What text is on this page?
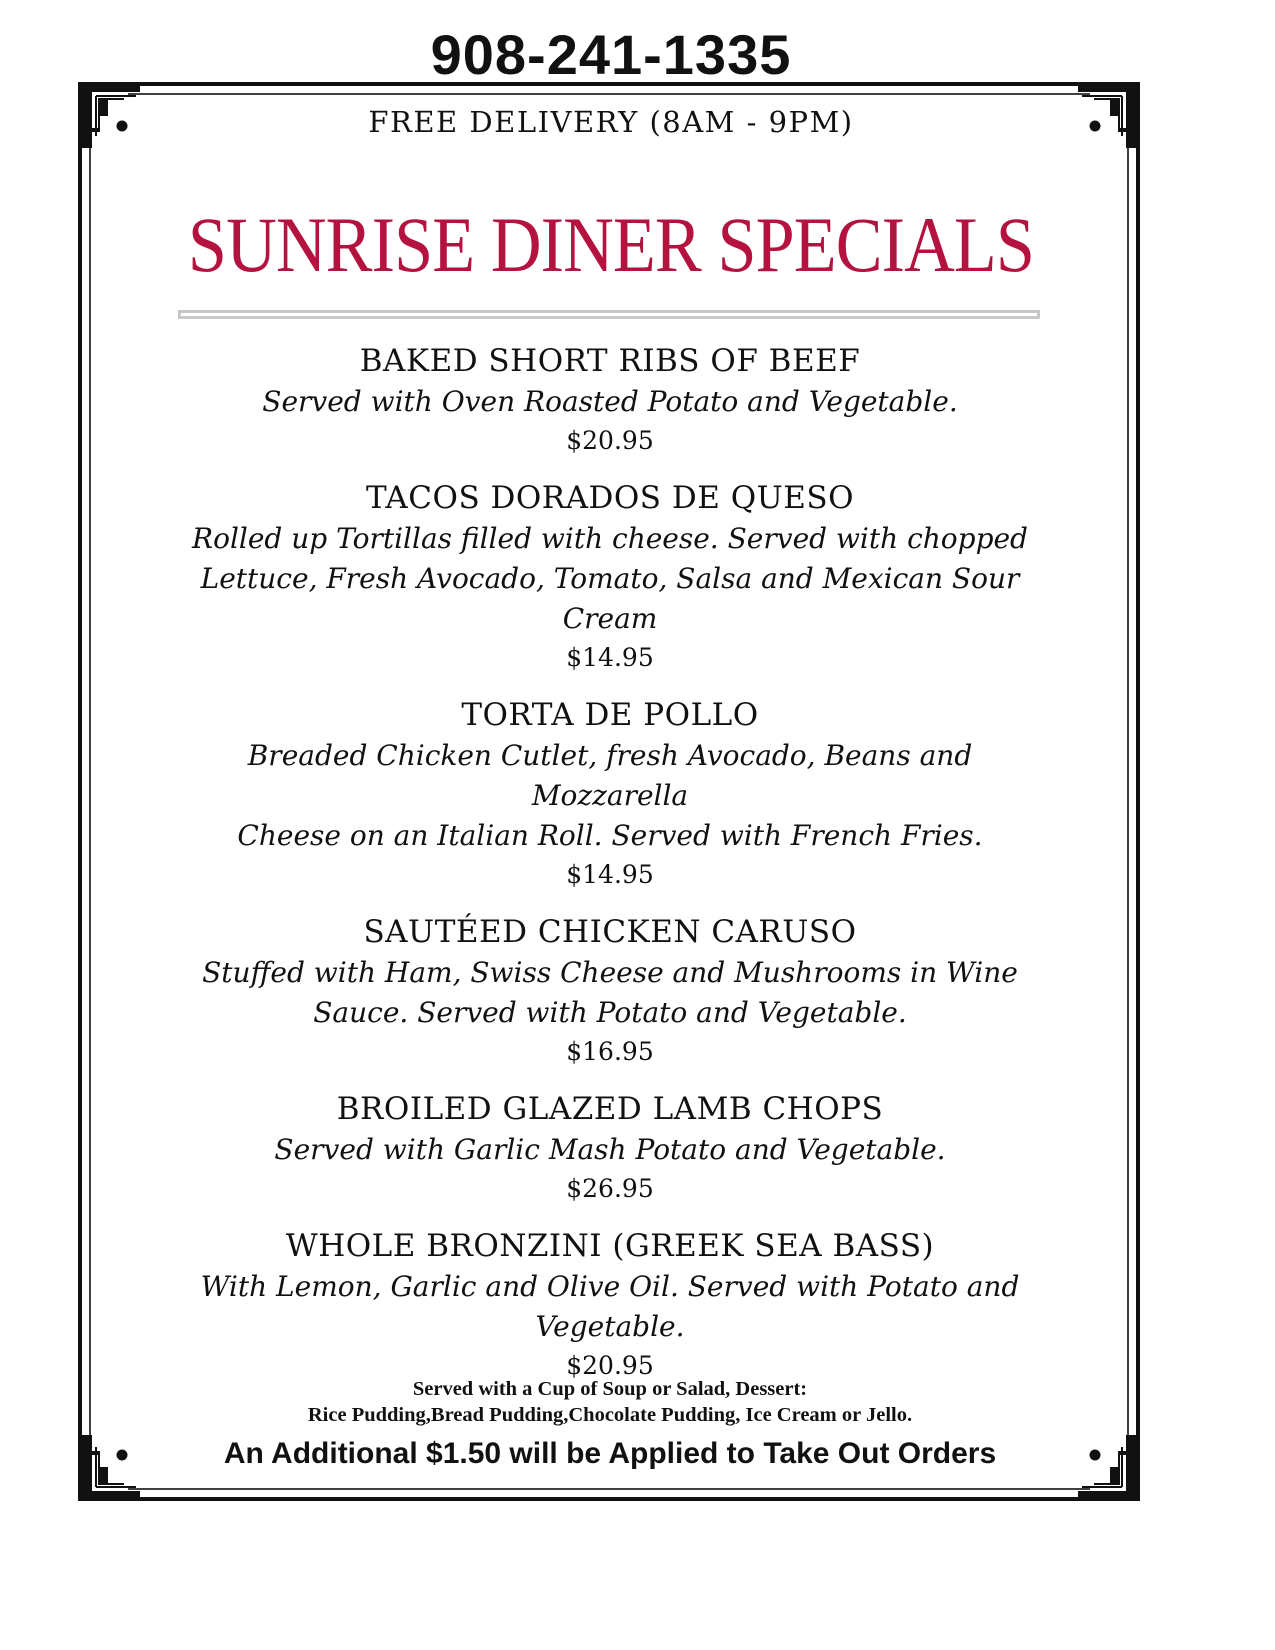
908-241-1335
FREE DELIVERY (8AM - 9PM)
SUNRISE DINER SPECIALS
BAKED SHORT RIBS OF BEEF
Served with Oven Roasted Potato and Vegetable.
$20.95
TACOS DORADOS DE QUESO
Rolled up Tortillas filled with cheese. Served with chopped
Lettuce, Fresh Avocado, Tomato, Salsa and Mexican Sour
Cream
$14.95
TORTA DE POLLO
Breaded Chicken Cutlet, fresh Avocado, Beans and Mozzarella
Cheese on an Italian Roll. Served with French Fries.
$14.95
SAUTÉED CHICKEN CARUSO
Stuffed with Ham, Swiss Cheese and Mushrooms in Wine
Sauce. Served with Potato and Vegetable.
$16.95
BROILED GLAZED LAMB CHOPS
Served with Garlic Mash Potato and Vegetable.
$26.95
WHOLE BRONZINI (GREEK SEA BASS)
With Lemon, Garlic and Olive Oil. Served with Potato and
Vegetable.
$20.95
Served with a Cup of Soup or Salad, Dessert:
Rice Pudding,Bread Pudding,Chocolate Pudding, Ice Cream or Jello.
An Additional $1.50 will be Applied to Take Out Orders
